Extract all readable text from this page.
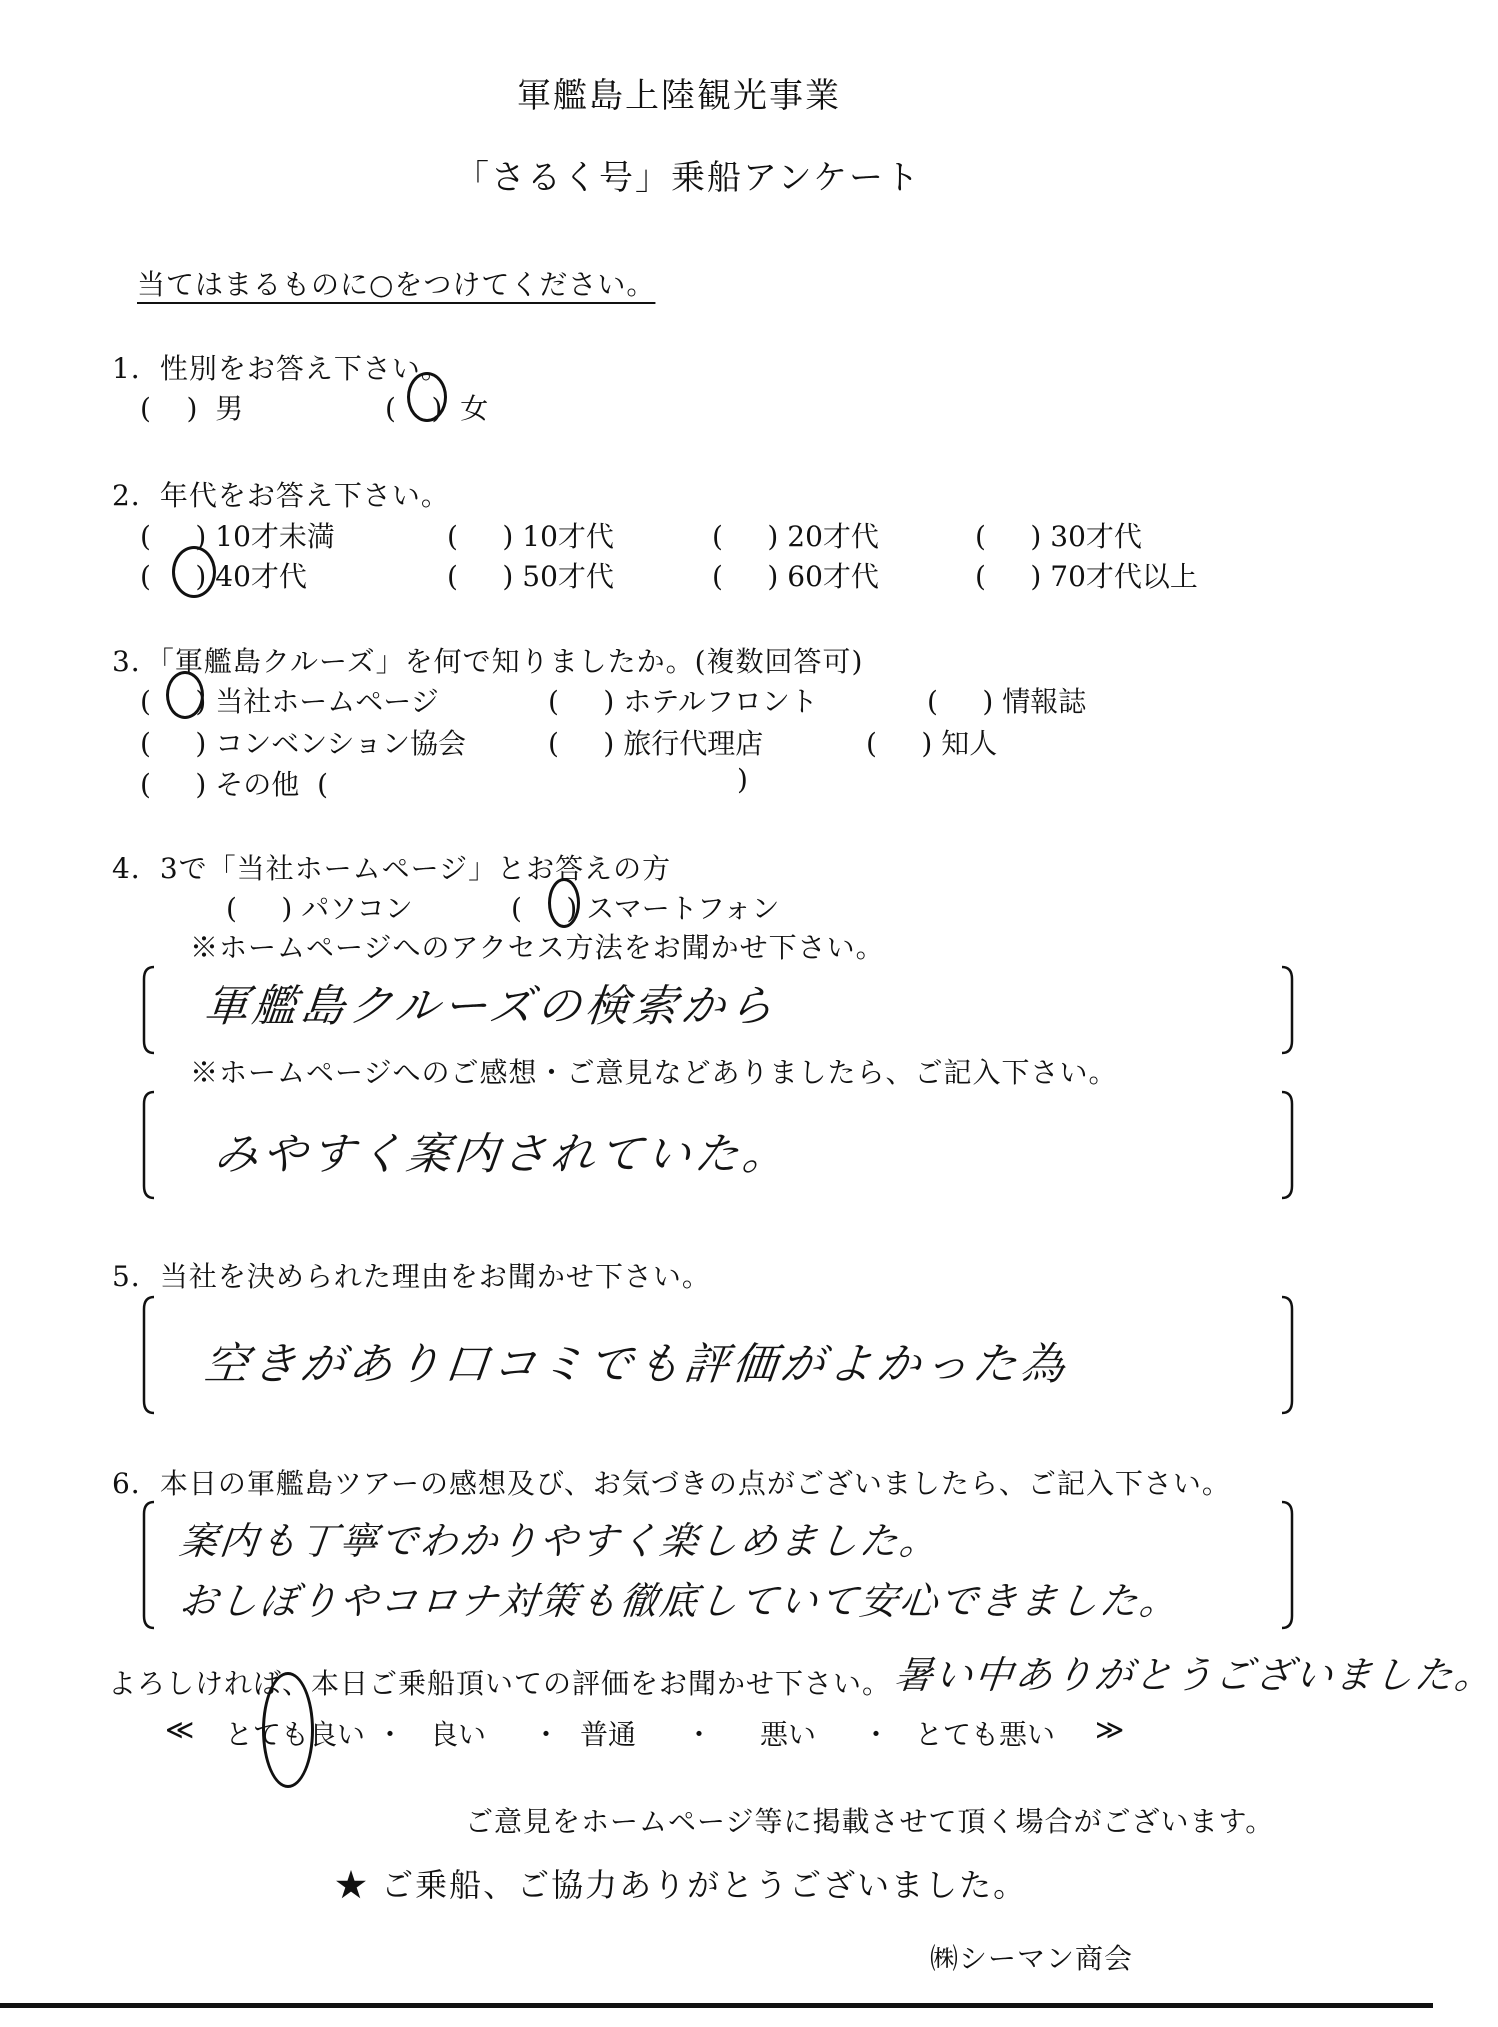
軍艦島上陸観光事業
「さるく号」乗船アンケート
当てはまるものに○をつけてください。
1．性別をお答え下さい。
(    )  男	(    )  女
2．年代をお答え下さい。
(     ) 10才未満	(     ) 10才代	(     ) 20才代	(     ) 30才代
(     ) 40才代	(     ) 50才代	(     ) 60才代	(     ) 70才代以上
3．「軍艦島クルーズ」を何で知りましたか。(複数回答可)
(     ) 当社ホームページ	(     ) ホテルフロント	(     ) 情報誌
(     ) コンベンション協会	(     ) 旅行代理店	(     ) 知人
(     ) その他  (	)
4．3で「当社ホームページ」とお答えの方
(     ) パソコン	(     ) スマートフォン
※ホームページへのアクセス方法をお聞かせ下さい。
軍艦島クルーズの検索から
※ホームページへのご感想・ご意見などありましたら、ご記入下さい。
みやすく案内されていた。
5．当社を決められた理由をお聞かせ下さい。
空きがあり口コミでも評価がよかった為
6．本日の軍艦島ツアーの感想及び、お気づきの点がございましたら、ご記入下さい。
案内も丁寧でわかりやすく楽しめました。
おしぼりやコロナ対策も徹底していて安心できました。
よろしければ、本日ご乗船頂いての評価をお聞かせ下さい。 暑い中ありがとうございました。
≪ とても良い ・ 良い ・ 普通 ・ 悪い ・ とても悪い ≫
ご意見をホームページ等に掲載させて頂く場合がございます。
★ ご乗船、ご協力ありがとうございました。
㈱シーマン商会
